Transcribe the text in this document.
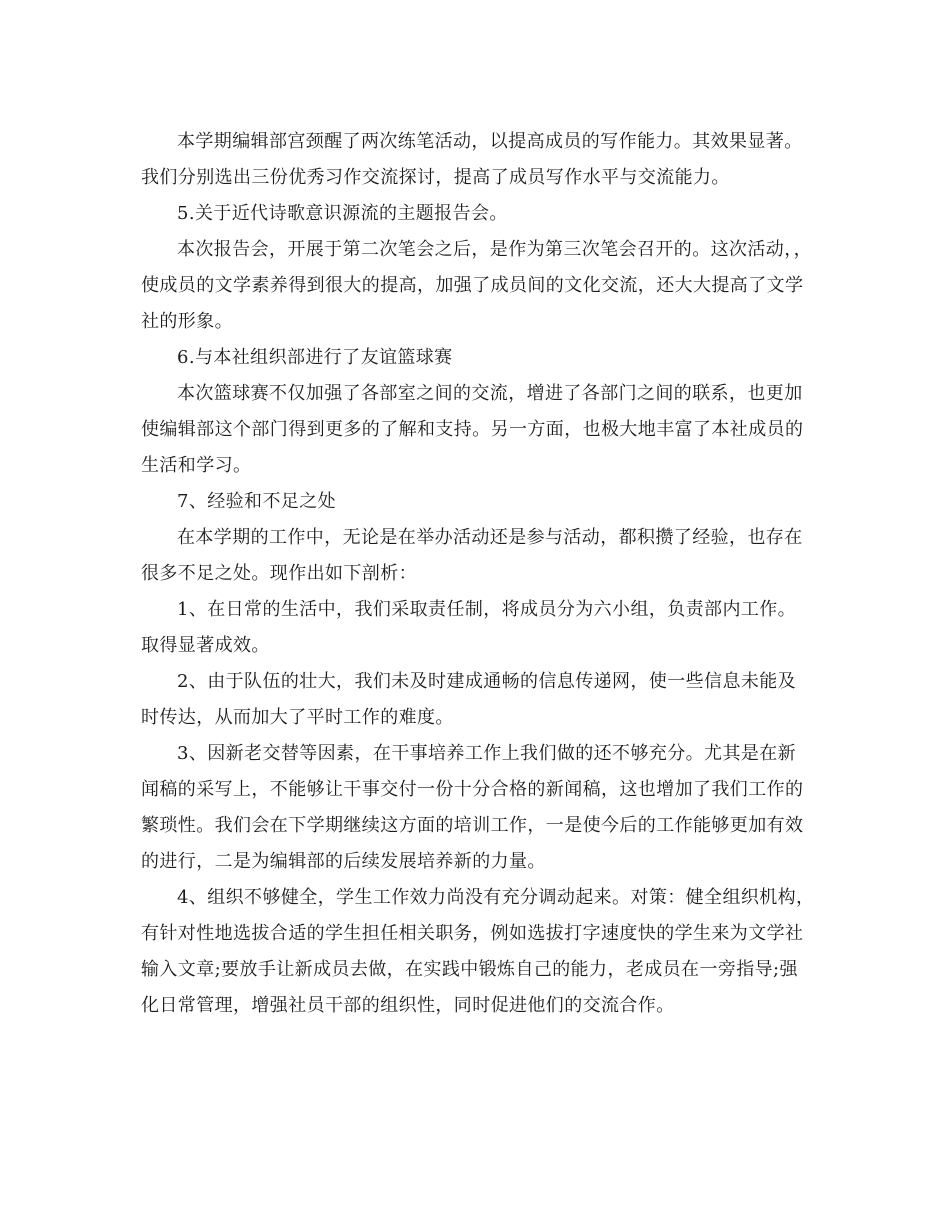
本学期编辑部宫颈醒了两次练笔活动，以提高成员的写作能力。其效果显著。
我们分别选出三份优秀习作交流探讨，提高了成员写作水平与交流能力。
5.关于近代诗歌意识源流的主题报告会。
本次报告会，开展于第二次笔会之后，是作为第三次笔会召开的。这次活动，，
使成员的文学素养得到很大的提高，加强了成员间的文化交流，还大大提高了文学
社的形象。
6.与本社组织部进行了友谊篮球赛
本次篮球赛不仅加强了各部室之间的交流，增进了各部门之间的联系，也更加
使编辑部这个部门得到更多的了解和支持。另一方面，也极大地丰富了本社成员的
生活和学习。
7、经验和不足之处
在本学期的工作中，无论是在举办活动还是参与活动，都积攒了经验，也存在
很多不足之处。现作出如下剖析：
1、在日常的生活中，我们采取责任制，将成员分为六小组，负责部内工作。
取得显著成效。
2、由于队伍的壮大，我们未及时建成通畅的信息传递网，使一些信息未能及
时传达，从而加大了平时工作的难度。
3、因新老交替等因素，在干事培养工作上我们做的还不够充分。尤其是在新
闻稿的采写上，不能够让干事交付一份十分合格的新闻稿，这也增加了我们工作的
繁琐性。我们会在下学期继续这方面的培训工作，一是使今后的工作能够更加有效
的进行，二是为编辑部的后续发展培养新的力量。
4、组织不够健全，学生工作效力尚没有充分调动起来。对策：健全组织机构，
有针对性地选拔合适的学生担任相关职务，例如选拔打字速度快的学生来为文学社
输入文章;要放手让新成员去做，在实践中锻炼自己的能力，老成员在一旁指导;强
化日常管理，增强社员干部的组织性，同时促进他们的交流合作。
